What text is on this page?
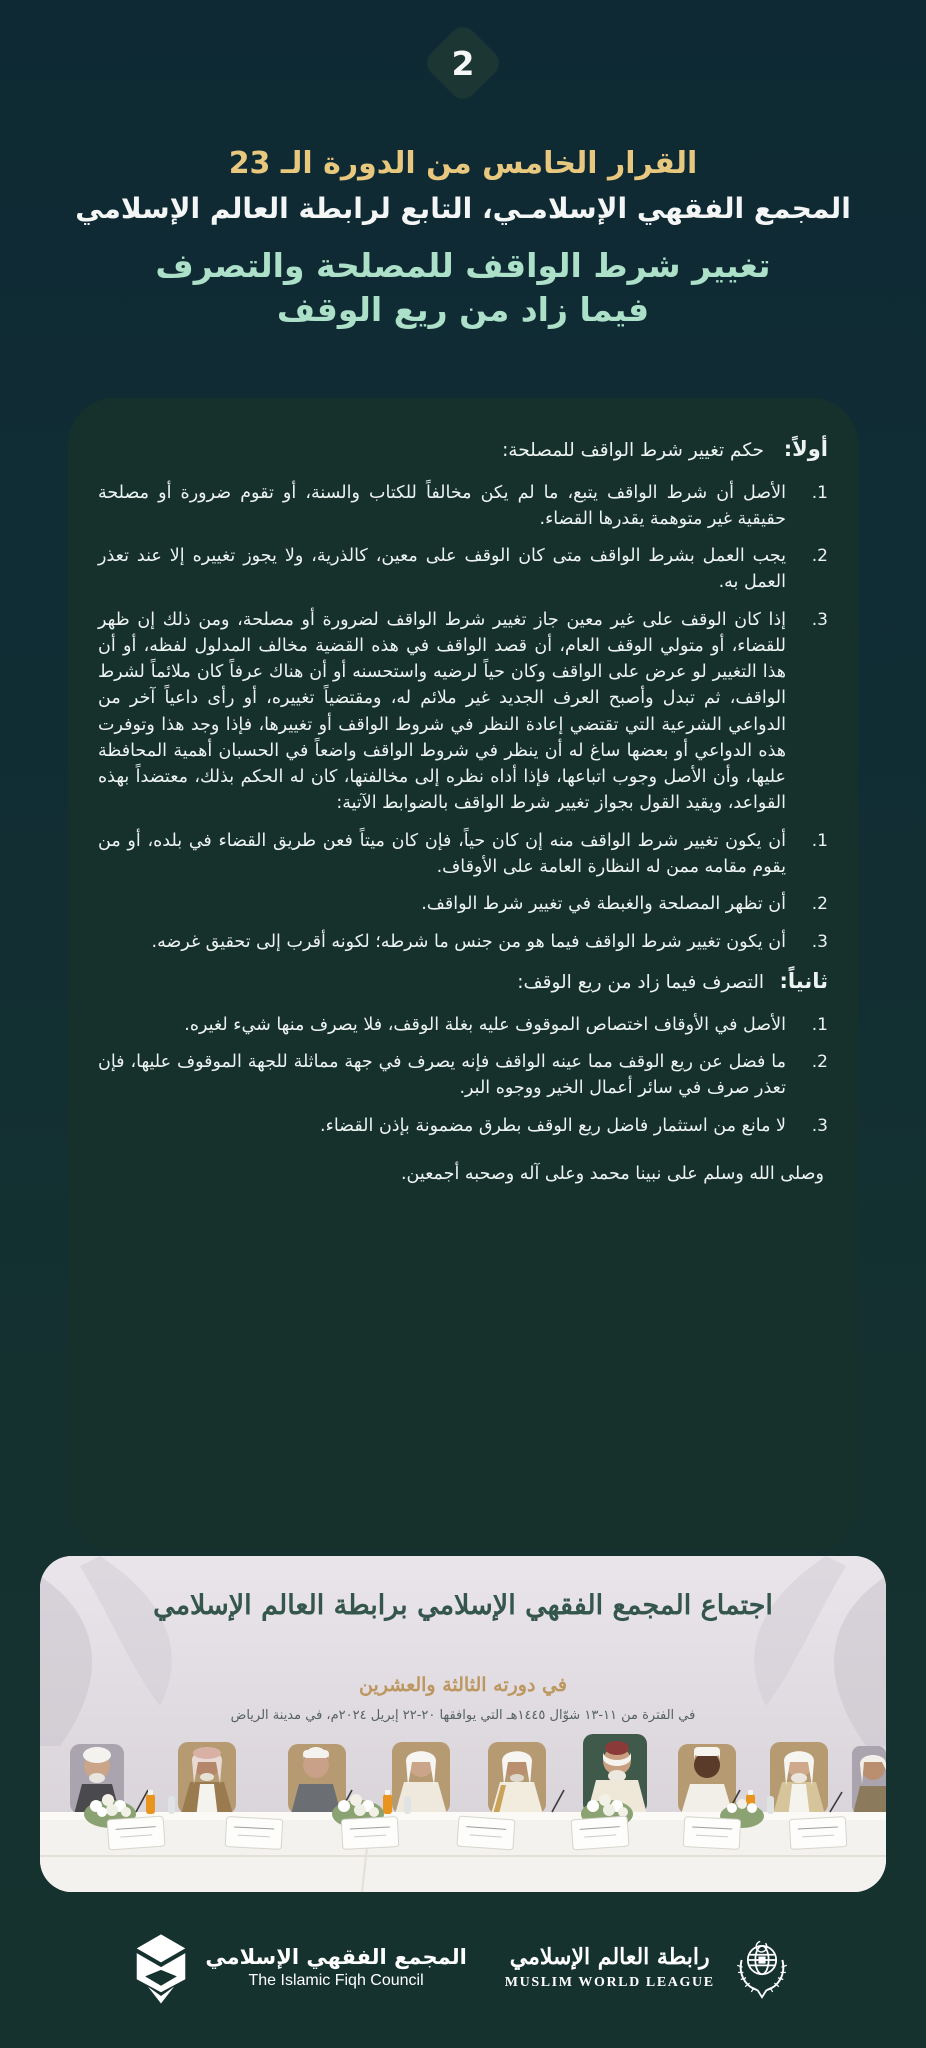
2
القرار الخامس من الدورة الـ 23
المجمع الفقهي الإسلامـي، التابع لرابطة العالم الإسلامي
تغيير شرط الواقف للمصلحة والتصرف
فيما زاد من ريع الوقف
أولاً:
حكم تغيير شرط الواقف للمصلحة:
1.

الأصل أن شرط الواقف يتبع، ما لم يكن مخالفاً للكتاب والسنة، أو تقوم ضرورة أو مصلحة حقيقية غير متوهمة يقدرها القضاء.

2.

يجب العمل بشرط الواقف متى كان الوقف على معين، كالذرية، ولا يجوز تغييره إلا عند تعذر العمل به.

3.

إذا كان الوقف على غير معين جاز تغيير شرط الواقف لضرورة أو مصلحة، ومن ذلك إن ظهر للقضاء، أو متولي الوقف العام، أن قصد الواقف في هذه القضية مخالف المدلول لفظه، أو أن هذا التغيير لو عرض على الواقف وكان حياً لرضيه واستحسنه أو أن هناك عرفاً كان ملائماً لشرط الواقف، ثم تبدل وأصبح العرف الجديد غير ملائم له، ومقتضياً تغييره، أو رأى داعياً آخر من الدواعي الشرعية التي تقتضي إعادة النظر في شروط الواقف أو تغييرها، فإذا وجد هذا وتوفرت هذه الدواعي أو بعضها ساغ له أن ينظر في شروط الواقف واضعاً في الحسبان أهمية المحافظة عليها، وأن الأصل وجوب اتباعها، فإذا أداه نظره إلى مخالفتها، كان له الحكم بذلك، معتضداً بهذه القواعد، ويقيد القول بجواز تغيير شرط الواقف بالضوابط الآتية:

1.

أن يكون تغيير شرط الواقف منه إن كان حياً، فإن كان ميتاً فعن طريق القضاء في بلده، أو من يقوم مقامه ممن له النظارة العامة على الأوقاف.

2.

أن تظهر المصلحة والغبطة في تغيير شرط الواقف.

3.

أن يكون تغيير شرط الواقف فيما هو من جنس ما شرطه؛ لكونه أقرب إلى تحقيق غرضه.

ثانياً:
التصرف فيما زاد من ريع الوقف:
1.

الأصل في الأوقاف اختصاص الموقوف عليه بغلة الوقف، فلا يصرف منها شيء لغيره.

2.

ما فضل عن ريع الوقف مما عينه الواقف فإنه يصرف في جهة مماثلة للجهة الموقوف عليها، فإن تعذر صرف في سائر أعمال الخير ووجوه البر.

3.

لا مانع من استثمار فاضل ريع الوقف بطرق مضمونة بإذن القضاء.

وصلى الله وسلم على نبينا محمد وعلى آله وصحبه أجمعين.

اجتماع المجمع الفقهي الإسلامي برابطة العالم الإسلامي
في دورته الثالثة والعشرين
في الفترة من ١١-١٣ شوّال ١٤٤٥هـ التي يوافقها ٢٠-٢٢ إبريل ٢٠٢٤م، في مدينة الرياض
المجمع الفقهي الإسلامي
The Islamic Fiqh Council
رابطة العالم الإسلامي
MUSLIM WORLD LEAGUE
